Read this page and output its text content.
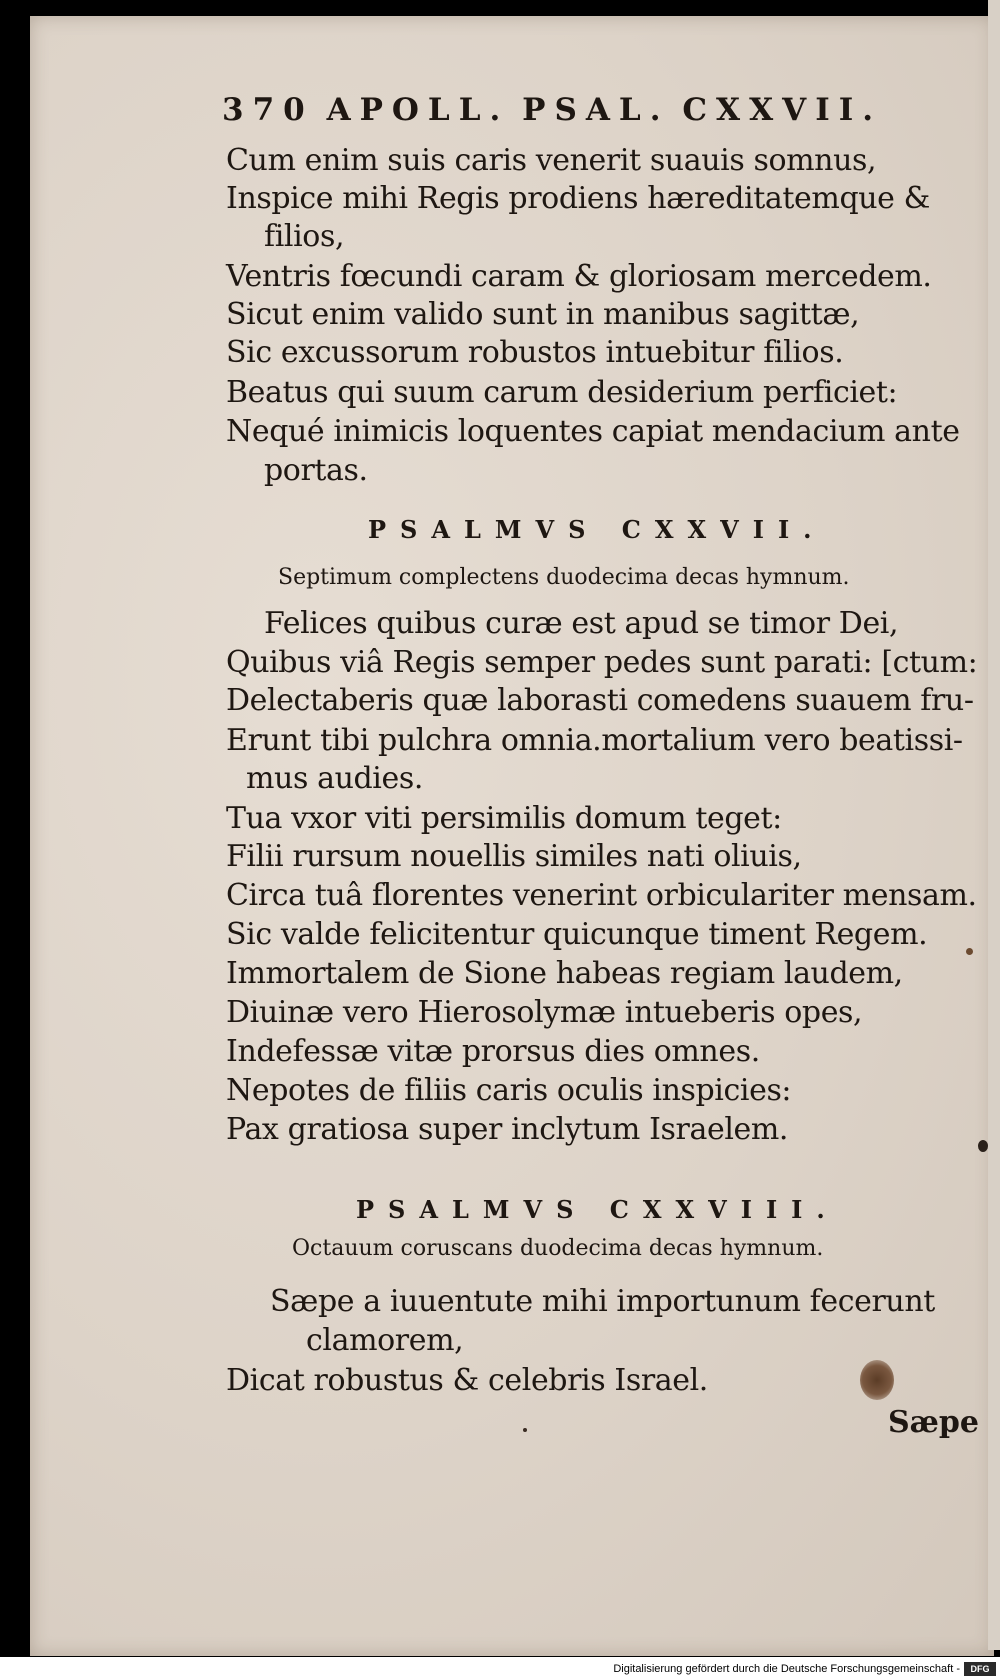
370 APOLL. PSAL. CXXVII.
Cum enim suis caris venerit suauis somnus,
Inspice mihi Regis prodiens hæreditatemque &
filios,
Ventris fœcundi caram & gloriosam mercedem.
Sicut enim valido sunt in manibus sagittæ,
Sic excussorum robustos intuebitur filios.
Beatus qui suum carum desiderium perficiet:
Nequé inimicis loquentes capiat mendacium ante
portas.
PSALMVS CXXVII.
Septimum complectens duodecima decas hymnum.
Felices quibus curæ est apud se timor Dei,
Quibus viâ Regis semper pedes sunt parati: [ctum:
Delectaberis quæ laborasti comedens suauem fru-
Erunt tibi pulchra omnia.mortalium vero beatissi-
mus audies.
Tua vxor viti persimilis domum teget:
Filii rursum nouellis similes nati oliuis,
Circa tuâ florentes venerint orbiculariter mensam.
Sic valde felicitentur quicunque timent Regem.
Immortalem de Sione habeas regiam laudem,
Diuinæ vero Hierosolymæ intueberis opes,
Indefessæ vitæ prorsus dies omnes.
Nepotes de filiis caris oculis inspicies:
Pax gratiosa super inclytum Israelem.
PSALMVS CXXVIII.
Octauum coruscans duodecima decas hymnum.
Sæpe a iuuentute mihi importunum fecerunt
clamorem,
Dicat robustus & celebris Israel.
Sæpe
Digitalisierung gefördert durch die Deutsche Forschungsgemeinschaft -	DFG
